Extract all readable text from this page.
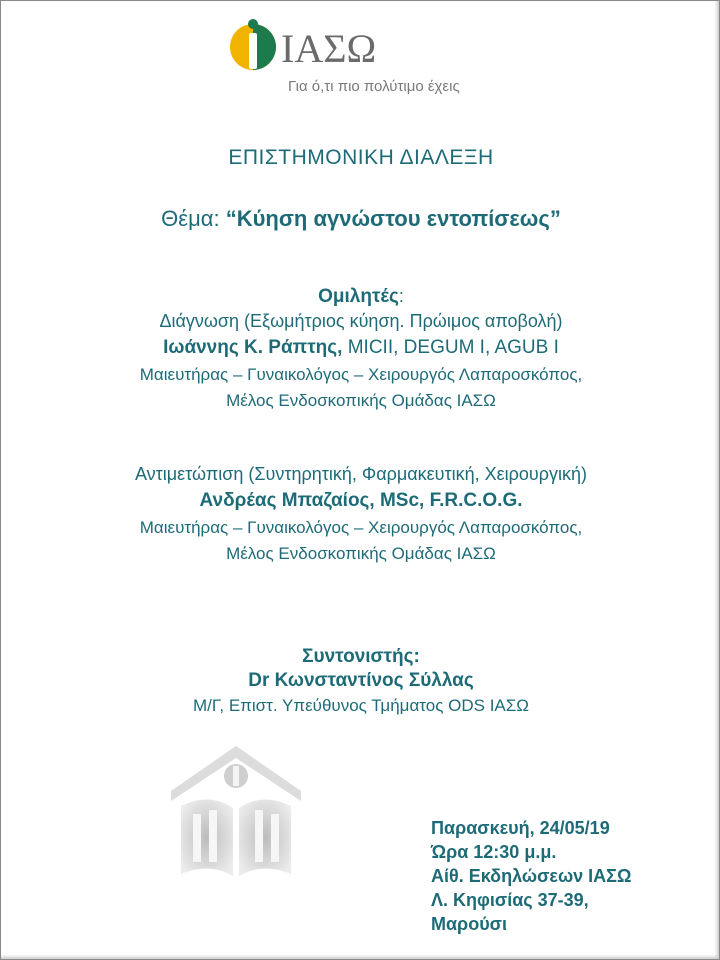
ΙΑΣΩ
Για ό,τι πιο πολύτιμο έχεις
ΕΠΙΣΤΗΜΟΝΙΚΗ ΔΙΑΛΕΞΗ
Θέμα: “Κύηση αγνώστου εντοπίσεως”
Ομιλητές:
Διάγνωση (Εξωμήτριος κύηση. Πρώιμος αποβολή)
Ιωάννης Κ. Ράπτης, MICII, DEGUM I, AGUB I
Μαιευτήρας – Γυναικολόγος – Χειρουργός Λαπαροσκόπος,
Μέλος Ενδοσκοπικής Ομάδας ΙΑΣΩ
Αντιμετώπιση (Συντηρητική, Φαρμακευτική, Χειρουργική)
Ανδρέας Μπαζαίος, MSc, F.R.C.O.G.
Μαιευτήρας – Γυναικολόγος – Χειρουργός Λαπαροσκόπος,
Μέλος Ενδοσκοπικής Ομάδας ΙΑΣΩ
Συντονιστής:
Dr Κωνσταντίνος Σύλλας
Μ/Γ, Επιστ. Υπεύθυνος Τμήματος ODS ΙΑΣΩ
Παρασκευή, 24/05/19
Ώρα 12:30 μ.μ.
Αίθ. Εκδηλώσεων ΙΑΣΩ
Λ. Κηφισίας 37-39,
Μαρούσι
